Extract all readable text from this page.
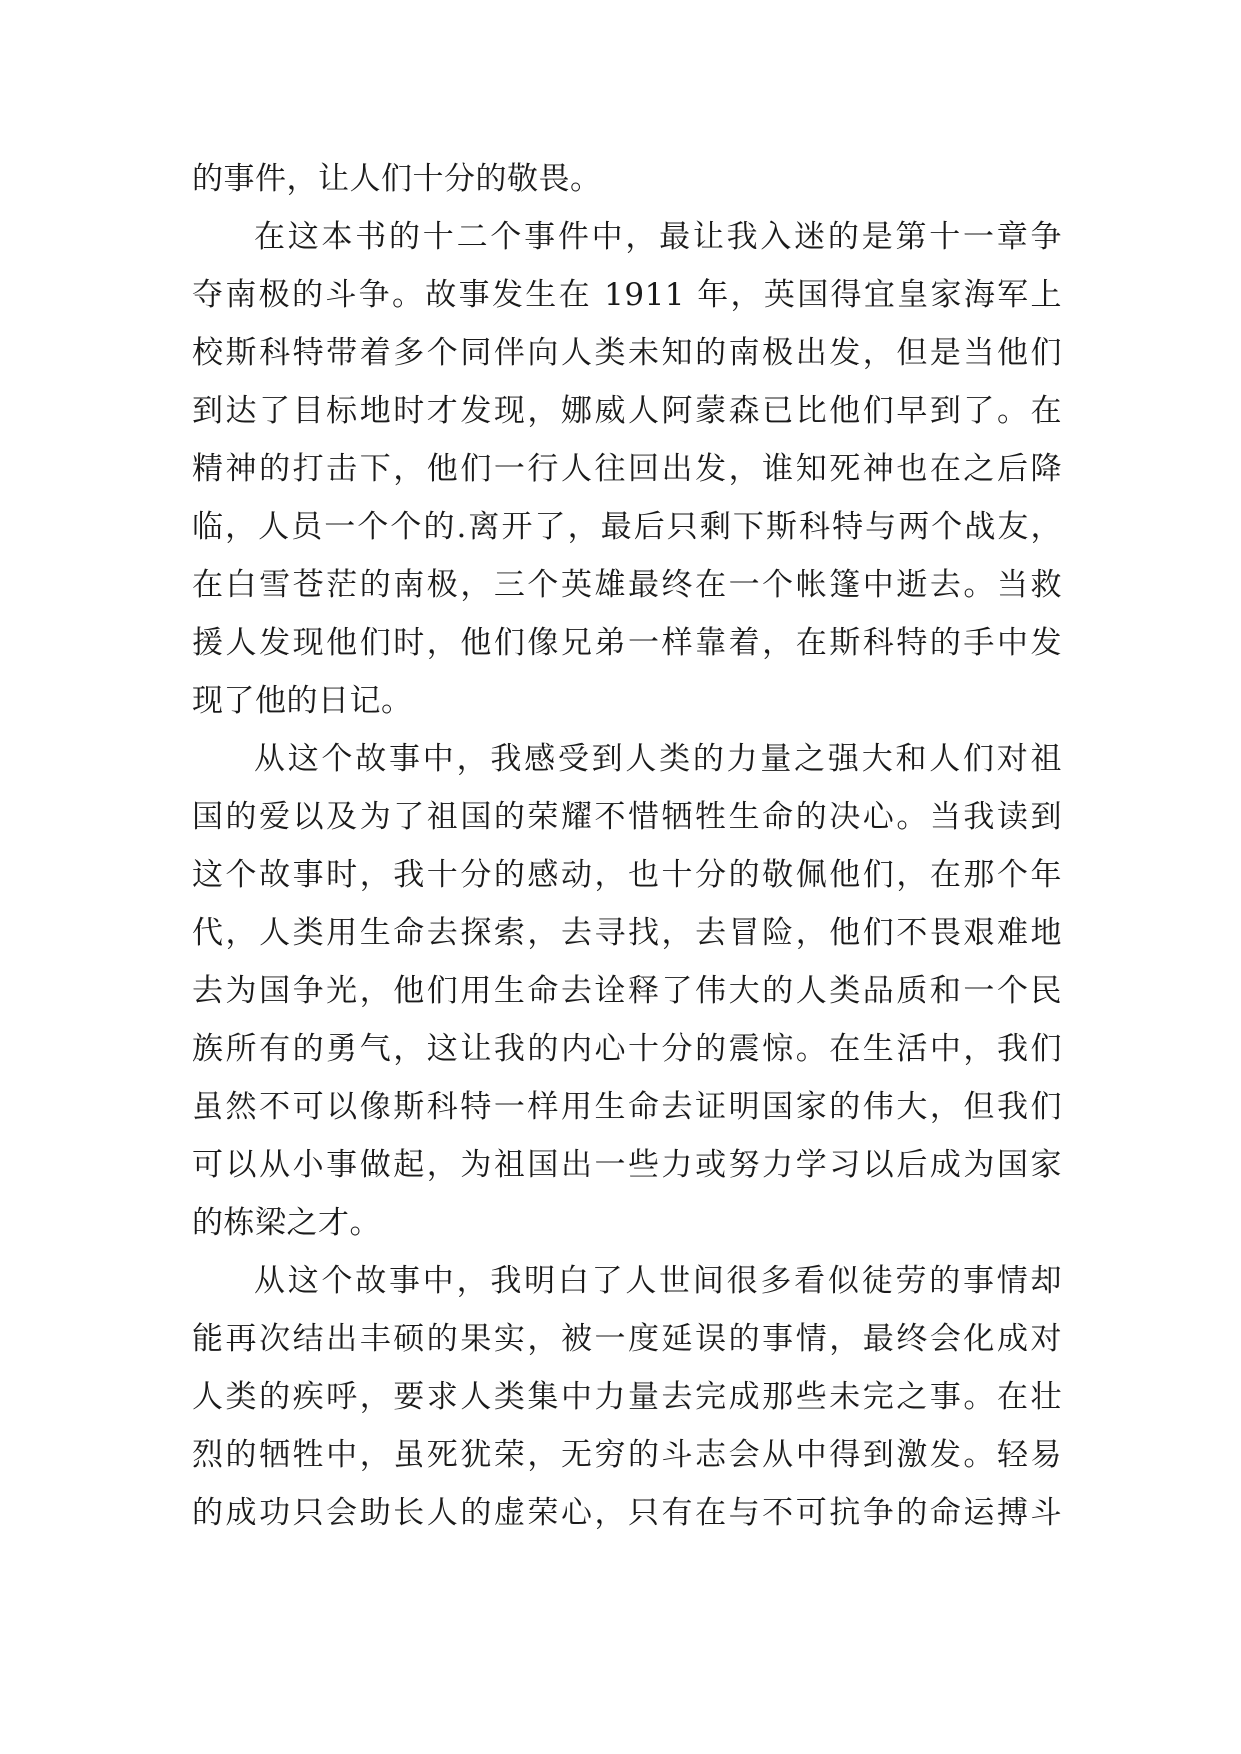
的事件，让人们十分的敬畏。
在这本书的十二个事件中，最让我入迷的是第十一章争
夺南极的斗争。故事发生在 1911 年，英国得宜皇家海军上
校斯科特带着多个同伴向人类未知的南极出发，但是当他们
到达了目标地时才发现，娜威人阿蒙森已比他们早到了。在
精神的打击下，他们一行人往回出发，谁知死神也在之后降
临，人员一个个的.离开了，最后只剩下斯科特与两个战友，
在白雪苍茫的南极，三个英雄最终在一个帐篷中逝去。当救
援人发现他们时，他们像兄弟一样靠着，在斯科特的手中发
现了他的日记。
从这个故事中，我感受到人类的力量之强大和人们对祖
国的爱以及为了祖国的荣耀不惜牺牲生命的决心。当我读到
这个故事时，我十分的感动，也十分的敬佩他们，在那个年
代，人类用生命去探索，去寻找，去冒险，他们不畏艰难地
去为国争光，他们用生命去诠释了伟大的人类品质和一个民
族所有的勇气，这让我的内心十分的震惊。在生活中，我们
虽然不可以像斯科特一样用生命去证明国家的伟大，但我们
可以从小事做起，为祖国出一些力或努力学习以后成为国家
的栋梁之才。
从这个故事中，我明白了人世间很多看似徒劳的事情却
能再次结出丰硕的果实，被一度延误的事情，最终会化成对
人类的疾呼，要求人类集中力量去完成那些未完之事。在壮
烈的牺牲中，虽死犹荣，无穷的斗志会从中得到激发。轻易
的成功只会助长人的虚荣心，只有在与不可抗争的命运搏斗
